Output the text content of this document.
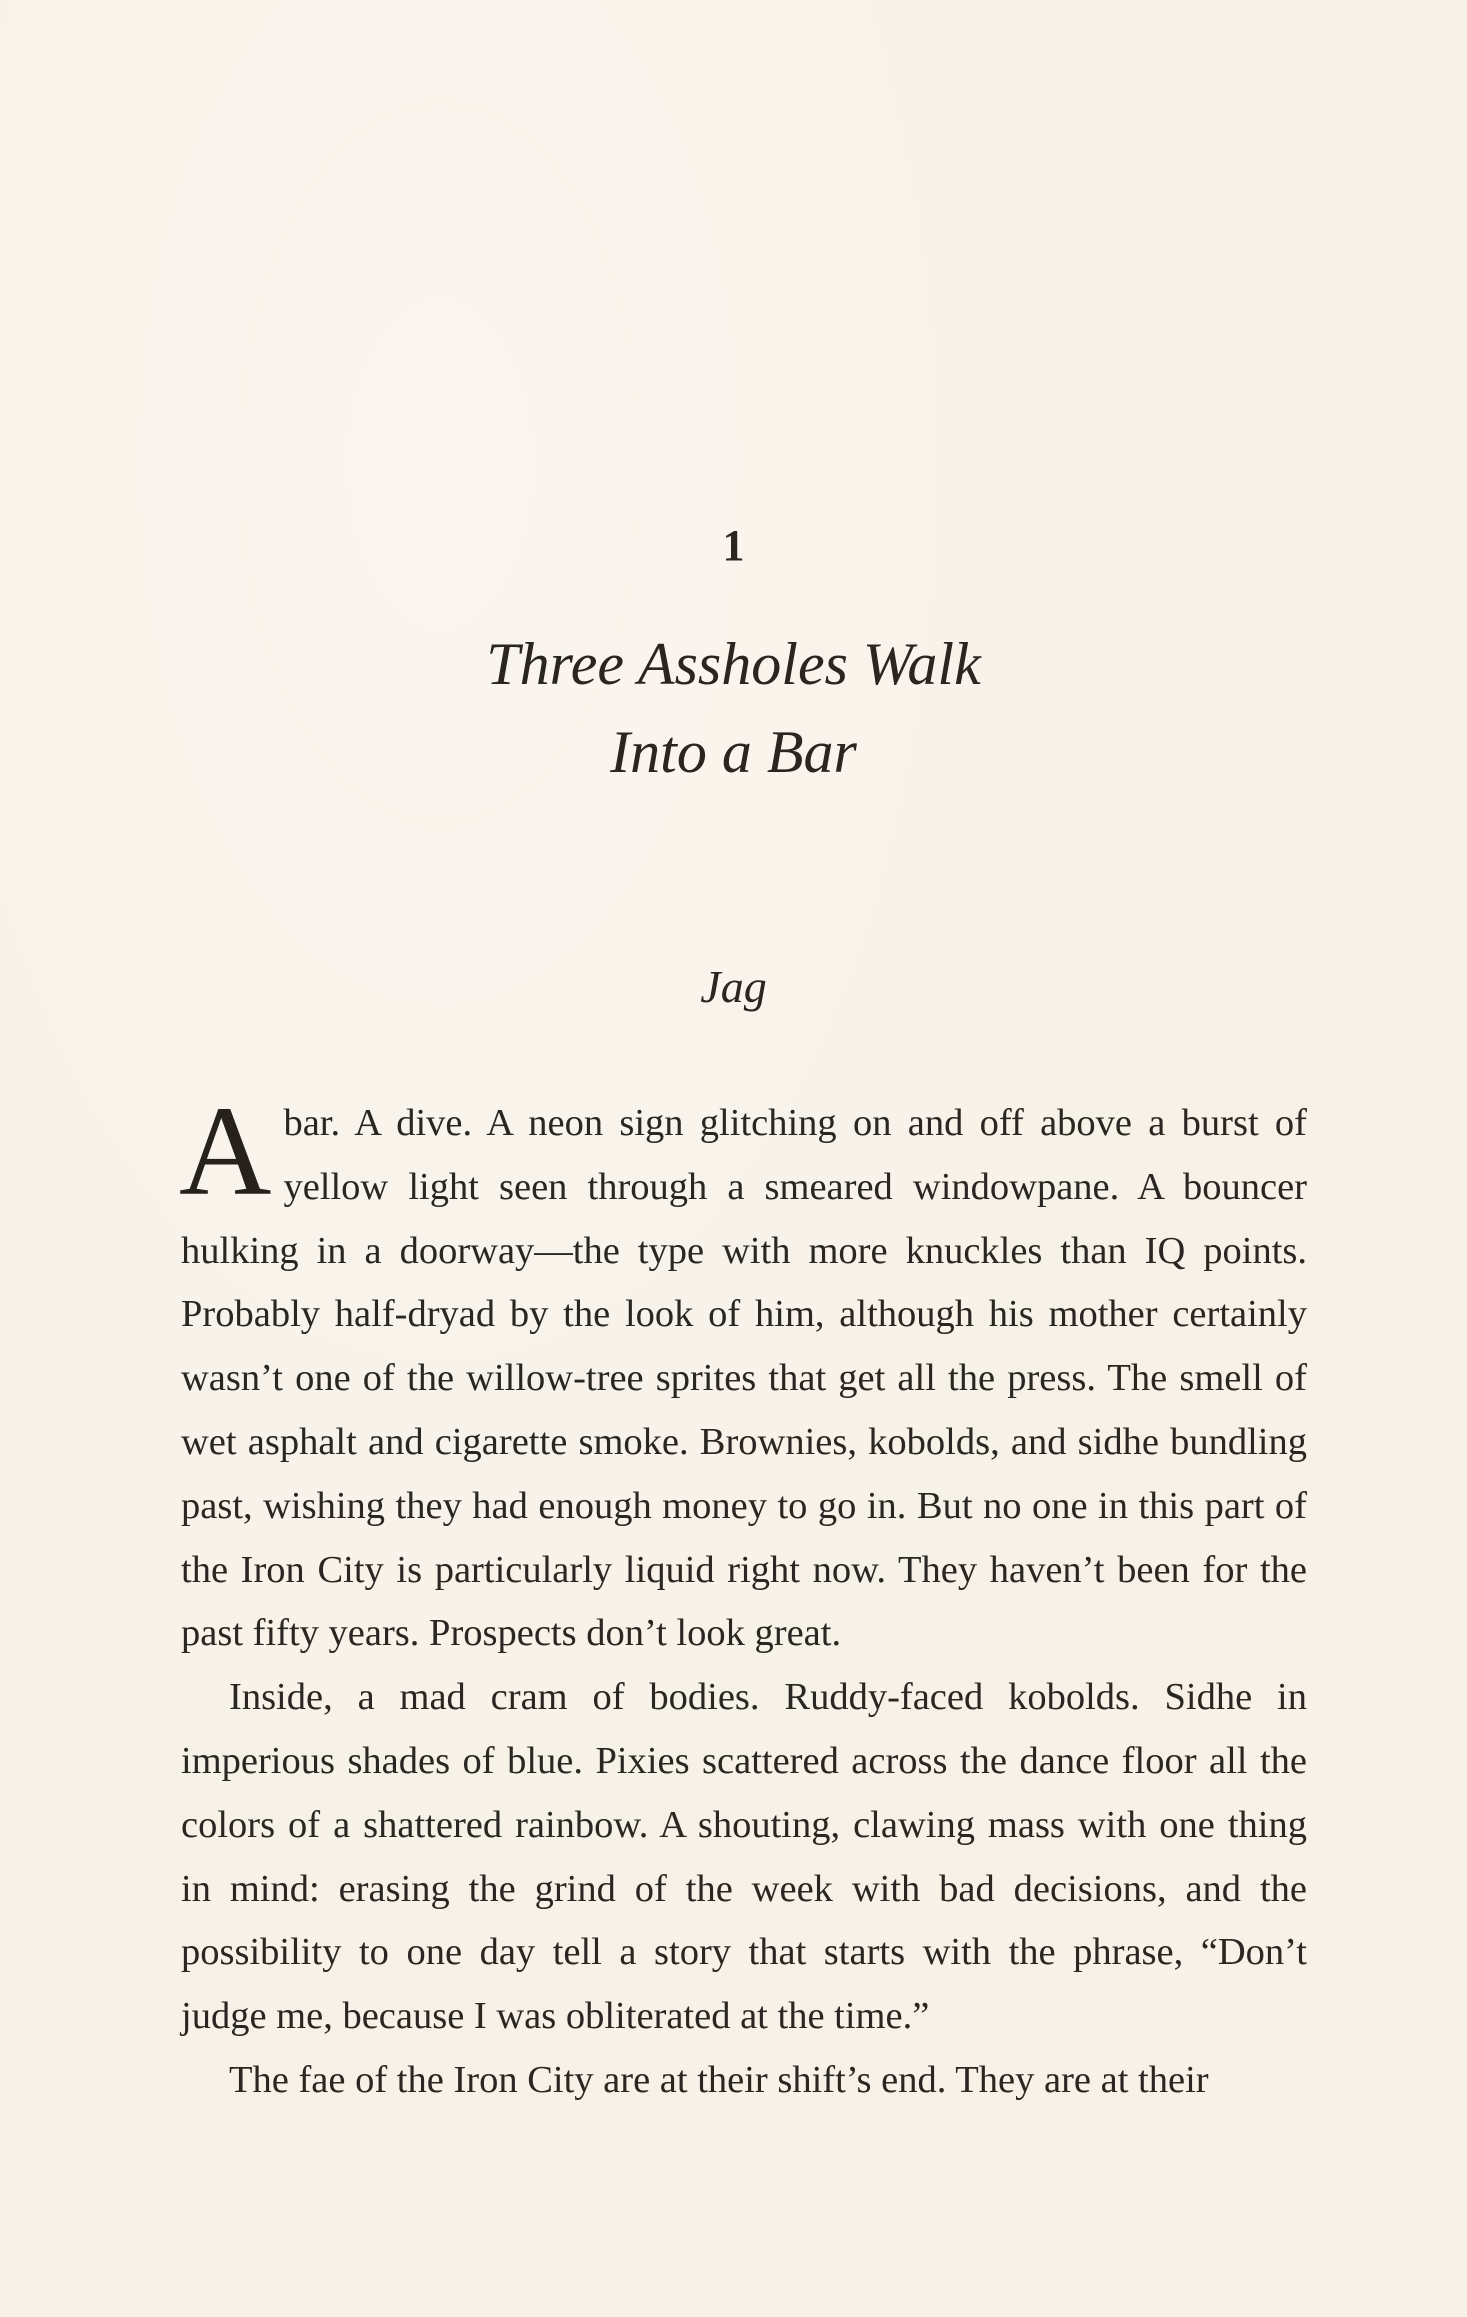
1
Three Assholes Walk
Into a Bar
Jag

Abar. A dive. A neon sign glitching on and off above a burst of yellow light seen through a smeared windowpane. A bouncer hulking in a doorway—the type with more knuckles than IQ points. Probably half-dryad by the look of him, although his mother certainly wasn’t one of the willow-tree sprites that get all the press. The smell of wet asphalt and cigarette smoke. Brownies, kobolds, and sidhe bundling past, wishing they had enough money to go in. But no one in this part of the Iron City is particularly liquid right now. They haven’t been for the past fifty years. Prospects don’t look great.

Inside, a mad cram of bodies. Ruddy-faced kobolds. Sidhe in imperious shades of blue. Pixies scattered across the dance floor all the colors of a shattered rainbow. A shouting, clawing mass with one thing in mind: erasing the grind of the week with bad decisions, and the possibility to one day tell a story that starts with the phrase, “Don’t judge me, because I was obliterated at the time.”

The fae of the Iron City are at their shift’s end. They are at their
